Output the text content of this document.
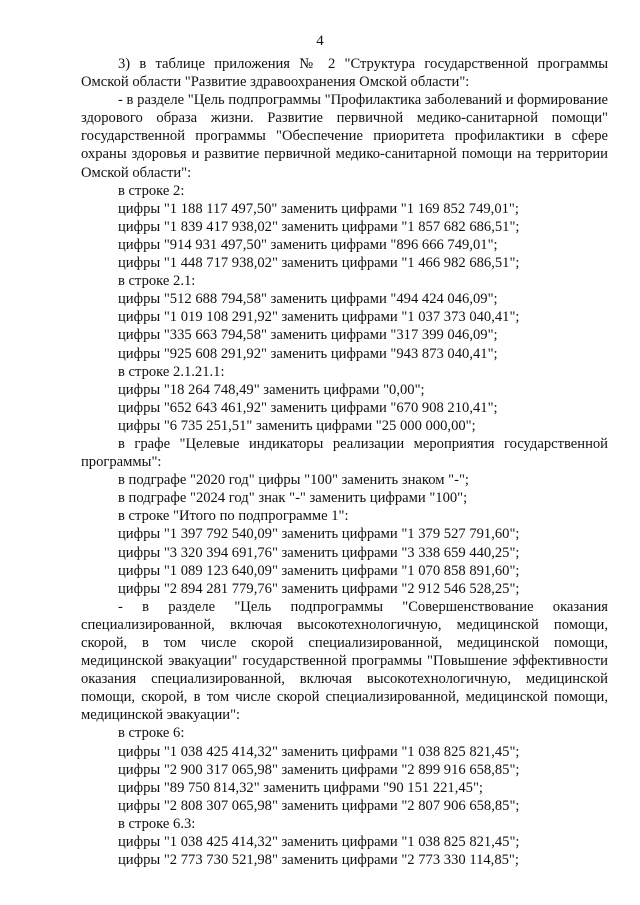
4

3) в таблице приложения № 2 "Структура государственной программы Омской области "Развитие здравоохранения Омской области":

- в разделе "Цель подпрограммы "Профилактика заболеваний и формирование здорового образа жизни. Развитие первичной медико-санитарной помощи" государственной программы "Обеспечение приоритета профилактики в сфере охраны здоровья и развитие первичной медико-санитарной помощи на территории Омской области":

в строке 2:

цифры "1 188 117 497,50" заменить цифрами "1 169 852 749,01";

цифры "1 839 417 938,02" заменить цифрами "1 857 682 686,51";

цифры "914 931 497,50" заменить цифрами "896 666 749,01";

цифры "1 448 717 938,02" заменить цифрами "1 466 982 686,51";

в строке 2.1:

цифры "512 688 794,58" заменить цифрами "494 424 046,09";

цифры "1 019 108 291,92" заменить цифрами "1 037 373 040,41";

цифры "335 663 794,58" заменить цифрами "317 399 046,09";

цифры "925 608 291,92" заменить цифрами "943 873 040,41";

в строке 2.1.21.1:

цифры "18 264 748,49" заменить цифрами "0,00";

цифры "652 643 461,92" заменить цифрами "670 908 210,41";

цифры "6 735 251,51" заменить цифрами "25 000 000,00";

в графе "Целевые индикаторы реализации мероприятия государственной программы":

в подграфе "2020 год" цифры "100" заменить знаком "-";

в подграфе "2024 год" знак "-" заменить цифрами "100";

в строке "Итого по подпрограмме 1":

цифры "1 397 792 540,09" заменить цифрами "1 379 527 791,60";

цифры "3 320 394 691,76" заменить цифрами "3 338 659 440,25";

цифры "1 089 123 640,09" заменить цифрами "1 070 858 891,60";

цифры "2 894 281 779,76" заменить цифрами "2 912 546 528,25";

- в разделе "Цель подпрограммы "Совершенствование оказания специализированной, включая высокотехнологичную, медицинской помощи, скорой, в том числе скорой специализированной, медицинской помощи, медицинской эвакуации" государственной программы "Повышение эффективности оказания специализированной, включая высокотехнологичную, медицинской помощи, скорой, в том числе скорой специализированной, медицинской помощи, медицинской эвакуации":

в строке 6:

цифры "1 038 425 414,32" заменить цифрами "1 038 825 821,45";

цифры "2 900 317 065,98" заменить цифрами "2 899 916 658,85";

цифры "89 750 814,32" заменить цифрами "90 151 221,45";

цифры "2 808 307 065,98" заменить цифрами "2 807 906 658,85";

в строке 6.3:

цифры "1 038 425 414,32" заменить цифрами "1 038 825 821,45";

цифры "2 773 730 521,98" заменить цифрами "2 773 330 114,85";
